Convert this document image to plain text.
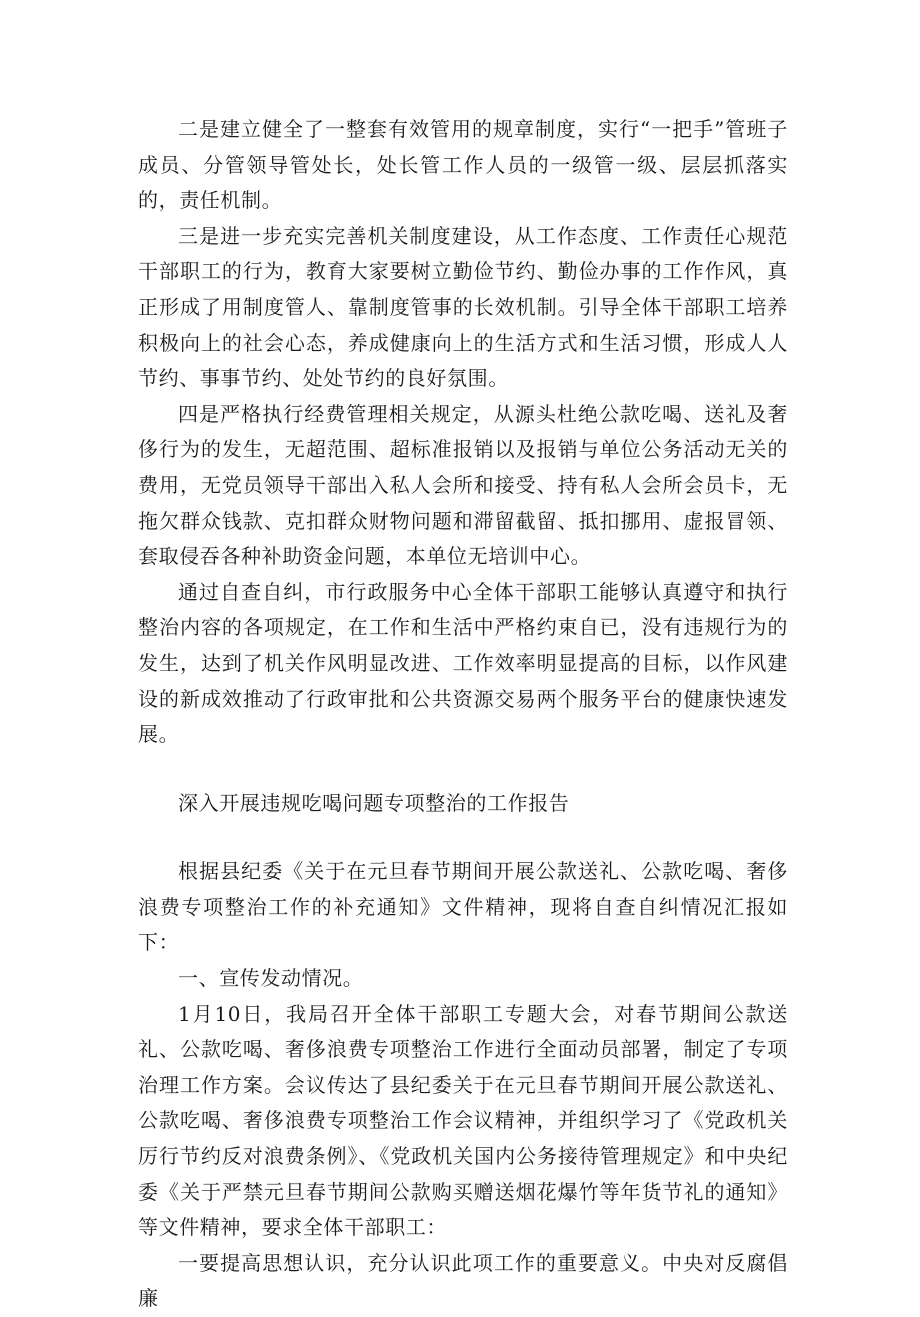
二是建立健全了一整套有效管用的规章制度，实行“一把手”管班子成员、分管领导管处长，处长管工作人员的一级管一级、层层抓落实的，责任机制。

三是进一步充实完善机关制度建设，从工作态度、工作责任心规范干部职工的行为，教育大家要树立勤俭节约、勤俭办事的工作作风，真正形成了用制度管人、靠制度管事的长效机制。引导全体干部职工培养积极向上的社会心态，养成健康向上的生活方式和生活习惯，形成人人节约、事事节约、处处节约的良好氛围。

四是严格执行经费管理相关规定，从源头杜绝公款吃喝、送礼及奢侈行为的发生，无超范围、超标准报销以及报销与单位公务活动无关的费用，无党员领导干部出入私人会所和接受、持有私人会所会员卡，无拖欠群众钱款、克扣群众财物问题和滞留截留、抵扣挪用、虚报冒领、套取侵吞各种补助资金问题，本单位无培训中心。

通过自查自纠，市行政服务中心全体干部职工能够认真遵守和执行整治内容的各项规定，在工作和生活中严格约束自已，没有违规行为的发生，达到了机关作风明显改进、工作效率明显提高的目标，以作风建设的新成效推动了行政审批和公共资源交易两个服务平台的健康快速发展。

深入开展违规吃喝问题专项整治的工作报告

根据县纪委《关于在元旦春节期间开展公款送礼、公款吃喝、奢侈浪费专项整治工作的补充通知》文件精神，现将自查自纠情况汇报如下：

一、宣传发动情况。

1月10日，我局召开全体干部职工专题大会，对春节期间公款送礼、公款吃喝、奢侈浪费专项整治工作进行全面动员部署，制定了专项治理工作方案。会议传达了县纪委关于在元旦春节期间开展公款送礼、公款吃喝、奢侈浪费专项整治工作会议精神，并组织学习了《党政机关厉行节约反对浪费条例》、《党政机关国内公务接待管理规定》和中央纪委《关于严禁元旦春节期间公款购买赠送烟花爆竹等年货节礼的通知》等文件精神，要求全体干部职工：

一要提高思想认识，充分认识此项工作的重要意义。中央对反腐倡廉
